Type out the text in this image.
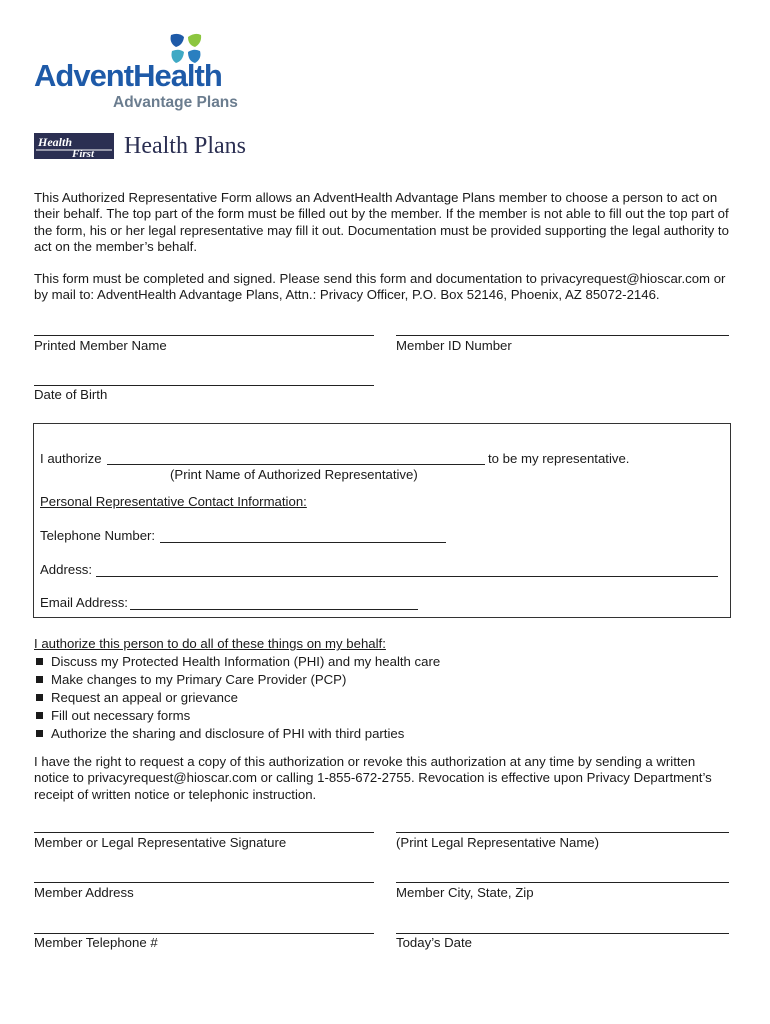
AdventHealth
Advantage Plans
Health
First Health Plans
This Authorized Representative Form allows an AdventHealth Advantage Plans member to choose a person to act on their behalf. The top part of the form must be filled out by the member. If the member is not able to fill out the top part of the form, his or her legal representative may fill it out. Documentation must be provided supporting the legal authority to act on the member’s behalf.
This form must be completed and signed. Please send this form and documentation to privacyrequest@hioscar.com or by mail to: AdventHealth Advantage Plans, Attn.: Privacy Officer, P.O. Box 52146, Phoenix, AZ 85072-2146.
Printed Member Name	Member ID Number
Date of Birth
I authorize	to be my representative.
(Print Name of Authorized Representative)
Personal Representative Contact Information:
Telephone Number:
Address:
Email Address:
I authorize this person to do all of these things on my behalf:
Discuss my Protected Health Information (PHI) and my health care
Make changes to my Primary Care Provider (PCP)
Request an appeal or grievance
Fill out necessary forms
Authorize the sharing and disclosure of PHI with third parties
I have the right to request a copy of this authorization or revoke this authorization at any time by sending a written notice to privacyrequest@hioscar.com or calling 1-855-672-2755. Revocation is effective upon Privacy Department’s receipt of written notice or telephonic instruction.
Member or Legal Representative Signature	(Print Legal Representative Name)
Member Address	Member City, State, Zip
Member Telephone #	Today’s Date
